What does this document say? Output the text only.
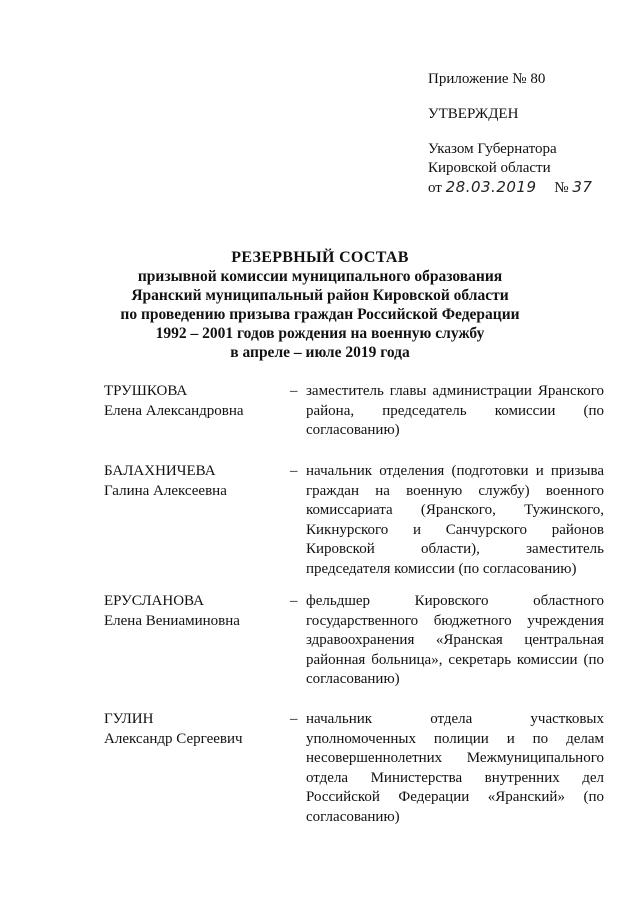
Приложение № 80
УТВЕРЖДЕН
Указом Губернатора
Кировской области
от 28.03.2019 № 37
РЕЗЕРВНЫЙ СОСТАВ
призывной комиссии муниципального образования
Яранский муниципальный район Кировской области
по проведению призыва граждан Российской Федерации
1992 – 2001 годов рождения на военную службу
в апреле – июле 2019 года
ТРУШКОВА
Елена Александровна
– заместитель главы администрации Яранского района, председатель комиссии (по согласованию)
БАЛАХНИЧЕВА
Галина Алексеевна
– начальник отделения (подготовки и призыва граждан на военную службу) военного комиссариата (Яранского, Тужинского, Кикнурского и Санчурского районов Кировской области), заместитель председателя комиссии (по согласованию)
ЕРУСЛАНОВА
Елена Вениаминовна
– фельдшер Кировского областного государственного бюджетного учреждения здравоохранения «Яранская центральная районная больница», секретарь комиссии (по согласованию)
ГУЛИН
Александр Сергеевич
– начальник отдела участковых уполномоченных полиции и по делам несовершеннолетних Межмуниципального отдела Министерства внутренних дел Российской Федерации «Яранский» (по согласованию)
